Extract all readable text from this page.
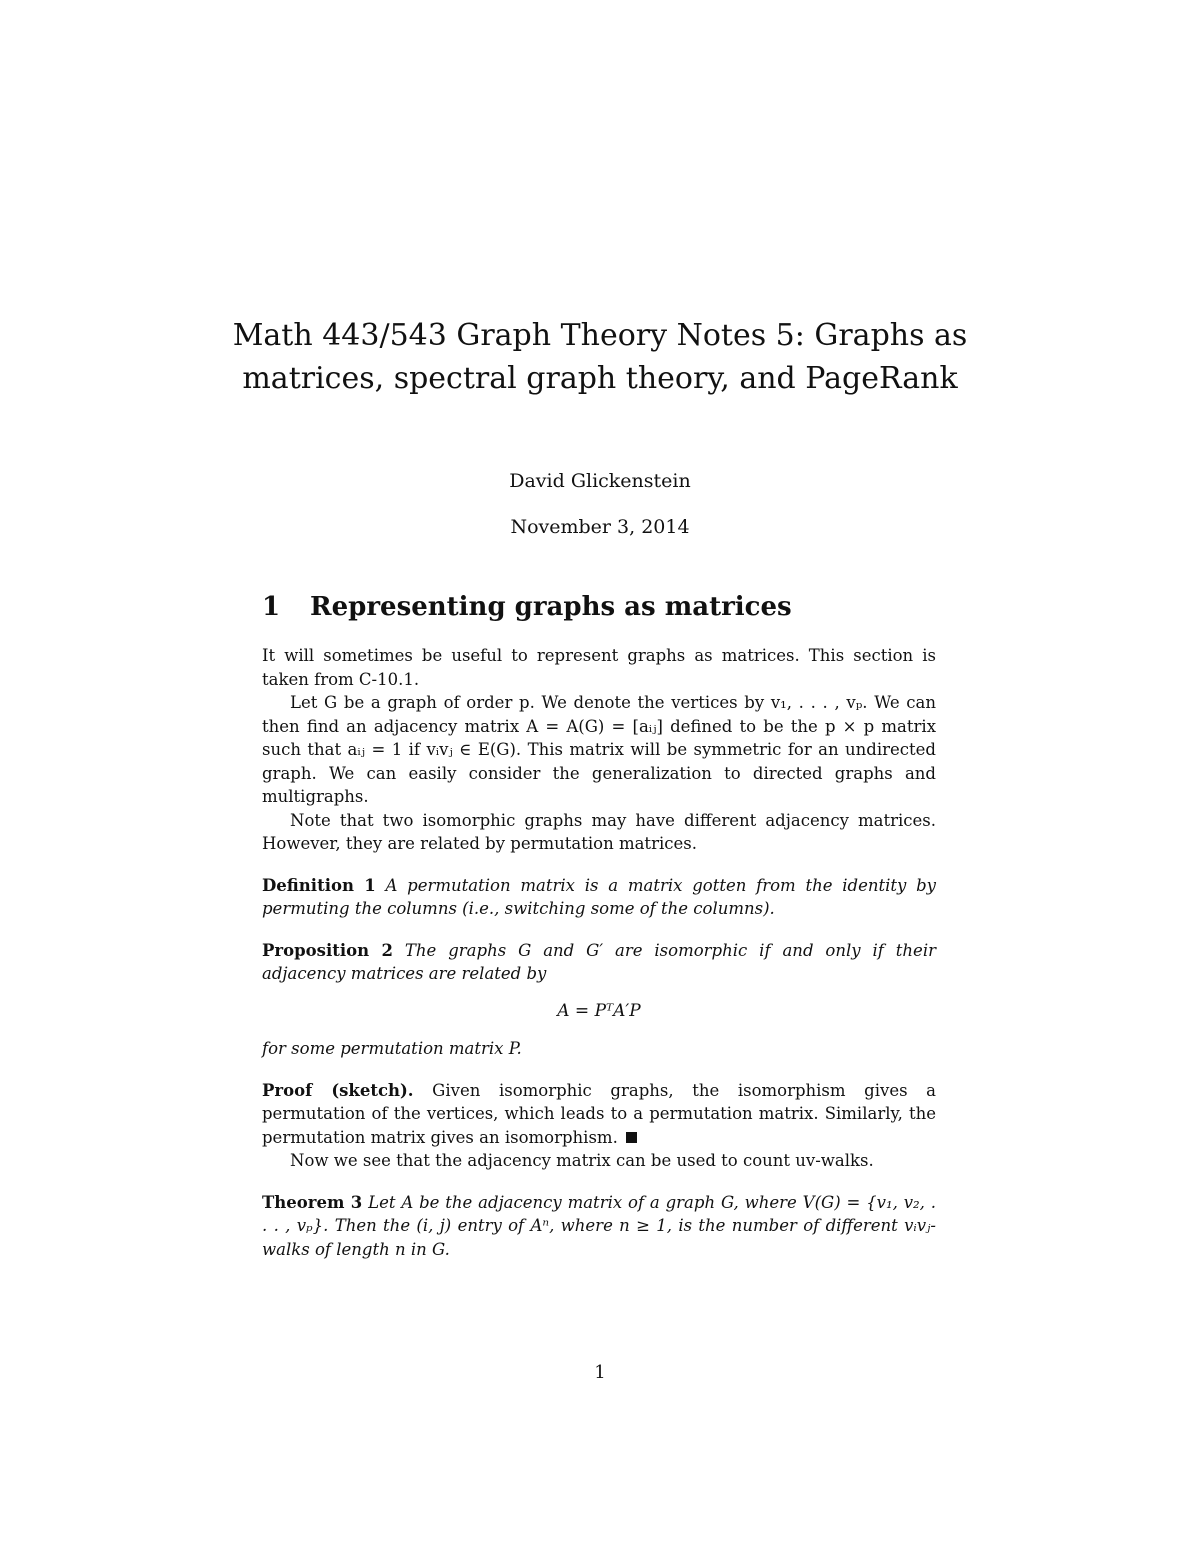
Math 443/543 Graph Theory Notes 5: Graphs as matrices, spectral graph theory, and PageRank
David Glickenstein
November 3, 2014
1 Representing graphs as matrices

It will sometimes be useful to represent graphs as matrices. This section is taken from C-10.1.

Let G be a graph of order p. We denote the vertices by v₁, . . . , vₚ. We can then find an adjacency matrix A = A(G) = [aᵢⱼ] defined to be the p × p matrix such that aᵢⱼ = 1 if vᵢvⱼ ∈ E(G). This matrix will be symmetric for an undirected graph. We can easily consider the generalization to directed graphs and multigraphs.

Note that two isomorphic graphs may have different adjacency matrices. However, they are related by permutation matrices.

Definition 1 A permutation matrix is a matrix gotten from the identity by permuting the columns (i.e., switching some of the columns).

Proposition 2 The graphs G and G′ are isomorphic if and only if their adjacency matrices are related by

A = PᵀA′P

for some permutation matrix P.

Proof (sketch). Given isomorphic graphs, the isomorphism gives a permutation of the vertices, which leads to a permutation matrix. Similarly, the permutation matrix gives an isomorphism.

Now we see that the adjacency matrix can be used to count uv-walks.

Theorem 3 Let A be the adjacency matrix of a graph G, where V(G) = {v₁, v₂, . . . , vₚ}. Then the (i, j) entry of Aⁿ, where n ≥ 1, is the number of different vᵢvⱼ-walks of length n in G.

1
